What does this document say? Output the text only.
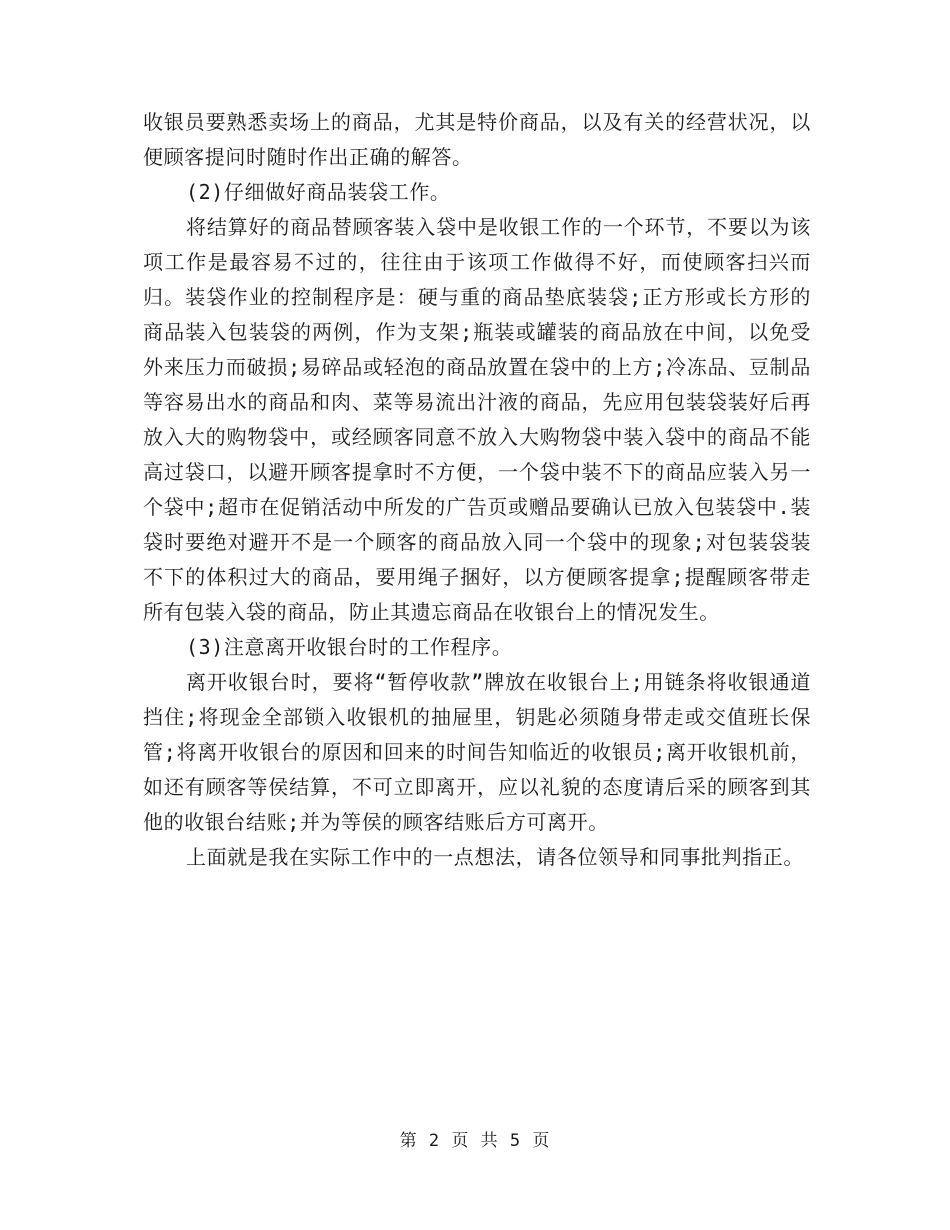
收银员要熟悉卖场上的商品，尤其是特价商品，以及有关的经营状况，以便顾客提问时随时作出正确的解答。

(2)仔细做好商品装袋工作。

将结算好的商品替顾客装入袋中是收银工作的一个环节，不要以为该项工作是最容易不过的，往往由于该项工作做得不好，而使顾客扫兴而归。装袋作业的控制程序是：硬与重的商品垫底装袋;正方形或长方形的商品装入包装袋的两例，作为支架;瓶装或罐装的商品放在中间，以免受外来压力而破损;易碎品或轻泡的商品放置在袋中的上方;冷冻品、豆制品等容易出水的商品和肉、菜等易流出汁液的商品，先应用包装袋装好后再放入大的购物袋中，或经顾客同意不放入大购物袋中装入袋中的商品不能高过袋口，以避开顾客提拿时不方便，一个袋中装不下的商品应装入另一个袋中;超市在促销活动中所发的广告页或赠品要确认已放入包装袋中.装袋时要绝对避开不是一个顾客的商品放入同一个袋中的现象;对包装袋装不下的体积过大的商品，要用绳子捆好，以方便顾客提拿;提醒顾客带走所有包装入袋的商品，防止其遗忘商品在收银台上的情况发生。

(3)注意离开收银台时的工作程序。

离开收银台时，要将“暂停收款”牌放在收银台上;用链条将收银通道挡住;将现金全部锁入收银机的抽屉里，钥匙必须随身带走或交值班长保管;将离开收银台的原因和回来的时间告知临近的收银员;离开收银机前，如还有顾客等侯结算，不可立即离开，应以礼貌的态度请后采的顾客到其他的收银台结账;并为等侯的顾客结账后方可离开。

上面就是我在实际工作中的一点想法，请各位领导和同事批判指正。

第 2 页 共 5 页
